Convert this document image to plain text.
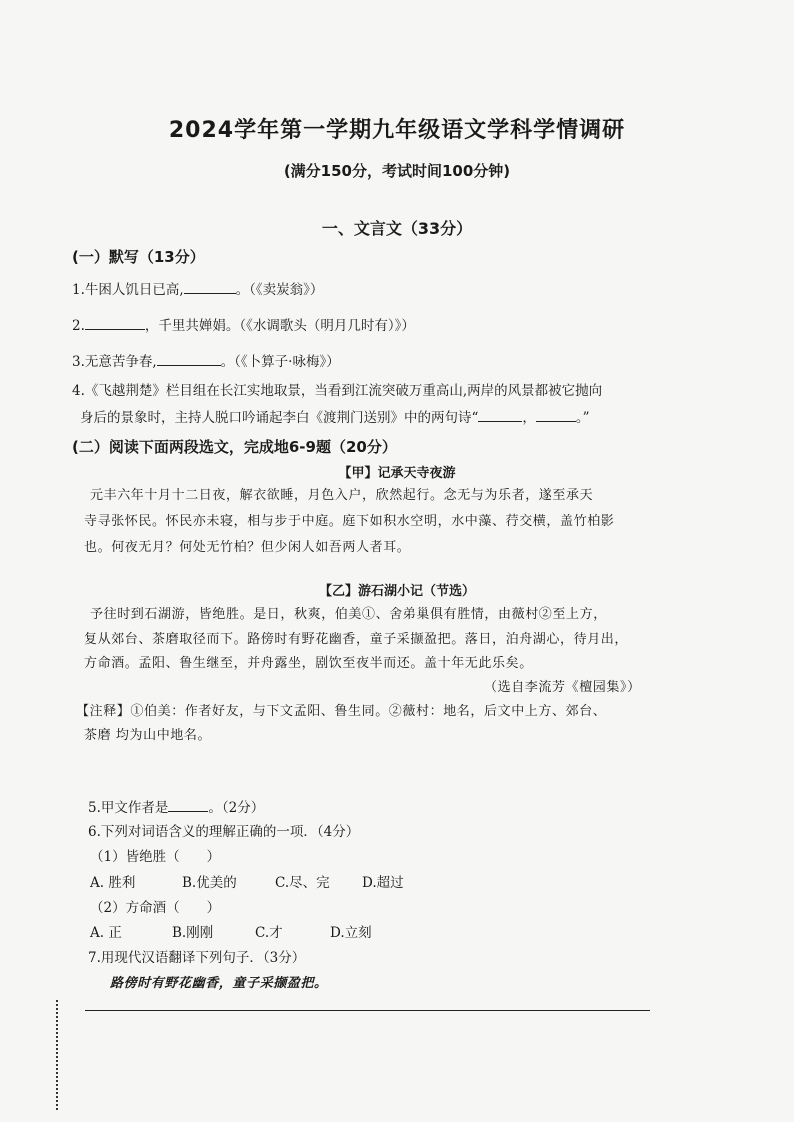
2024学年第一学期九年级语文学科学情调研
(满分150分，考试时间100分钟)
一、文言文（33分）
(一）默写（13分）
1.牛困人饥日已高,	。（《卖炭翁》）
2.	，千里共婵娟。（《水调歌头（明月几时有）》）
3.无意苦争春,	。（《卜算子·咏梅》）
4.《飞越荆楚》栏目组在长江实地取景，当看到江流突破万重高山,两岸的风景都被它抛向
身后的景象时，主持人脱口吟诵起李白《渡荆门送别》中的两句诗“	，	。”
(二）阅读下面两段选文，完成地6-9题（20分）
【甲】记承天寺夜游
元丰六年十月十二日夜，解衣欲睡，月色入户，欣然起行。念无与为乐者，遂至承天
寺寻张怀民。怀民亦未寝，相与步于中庭。庭下如积水空明，水中藻、荇交横，盖竹柏影
也。何夜无月？何处无竹柏？但少闲人如吾两人者耳。
【乙】游石湖小记（节选）
予往时到石湖游，皆绝胜。是日，秋爽，伯美①、舍弟巢俱有胜情，由薇村②至上方，
复从郊台、茶磨取径而下。路傍时有野花幽香，童子采撷盈把。落日，泊舟湖心，待月出，
方命酒。孟阳、鲁生继至，并舟露坐，剧饮至夜半而还。盖十年无此乐矣。
（选自李流芳《檀园集》）
【注释】①伯美：作者好友，与下文孟阳、鲁生同。②薇村：地名，后文中上方、郊台、
茶磨 均为山中地名。
5.甲文作者是	。（2分）
6.下列对词语含义的理解正确的一项．（4分）
（1）皆绝胜（　　）
A. 胜利	B.优美的	C.尽、完 D.超过
（2）方命酒（　　）
A. 正	B.刚刚	C.才	D.立刻
7.用现代汉语翻译下列句子．（3分）
路傍时有野花幽香，童子采撷盈把。
